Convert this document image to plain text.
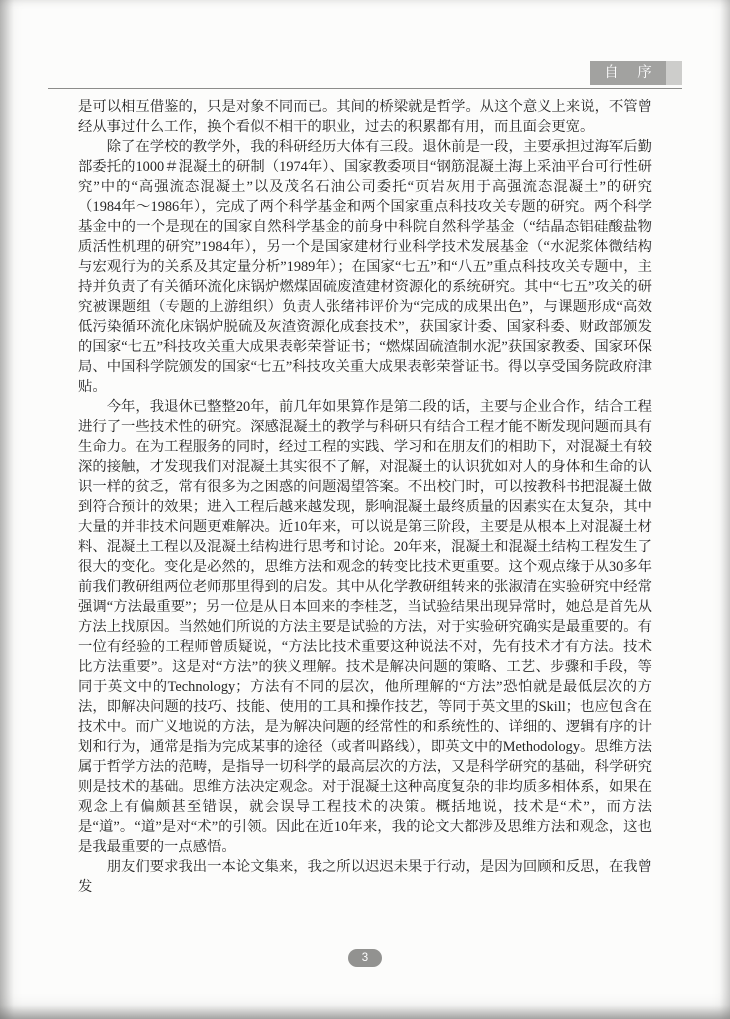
自　序

是可以相互借鉴的，只是对象不同而已。其间的桥梁就是哲学。从这个意义上来说，不管曾经从事过什么工作，换个看似不相干的职业，过去的积累都有用，而且面会更宽。

除了在学校的教学外，我的科研经历大体有三段。退休前是一段，主要承担过海军后勤部委托的1000＃混凝土的研制（1974年）、国家教委项目“钢筋混凝土海上采油平台可行性研究”中的“高强流态混凝土”以及茂名石油公司委托“页岩灰用于高强流态混凝土”的研究（1984年～1986年），完成了两个科学基金和两个国家重点科技攻关专题的研究。两个科学基金中的一个是现在的国家自然科学基金的前身中科院自然科学基金（“结晶态铝硅酸盐物质活性机理的研究”1984年），另一个是国家建材行业科学技术发展基金（“水泥浆体微结构与宏观行为的关系及其定量分析”1989年）；在国家“七五”和“八五”重点科技攻关专题中，主持并负责了有关循环流化床锅炉燃煤固硫废渣建材资源化的系统研究。其中“七五”攻关的研究被课题组（专题的上游组织）负责人张绪祎评价为“完成的成果出色”，与课题形成“高效低污染循环流化床锅炉脱硫及灰渣资源化成套技术”，获国家计委、国家科委、财政部颁发的国家“七五”科技攻关重大成果表彰荣誉证书；“燃煤固硫渣制水泥”获国家教委、国家环保局、中国科学院颁发的国家“七五”科技攻关重大成果表彰荣誉证书。得以享受国务院政府津贴。

今年，我退休已整整20年，前几年如果算作是第二段的话，主要与企业合作，结合工程进行了一些技术性的研究。深感混凝土的教学与科研只有结合工程才能不断发现问题而具有生命力。在为工程服务的同时，经过工程的实践、学习和在朋友们的相助下，对混凝土有较深的接触，才发现我们对混凝土其实很不了解，对混凝土的认识犹如对人的身体和生命的认识一样的贫乏，常有很多为之困惑的问题渴望答案。不出校门时，可以按教科书把混凝土做到符合预计的效果；进入工程后越来越发现，影响混凝土最终质量的因素实在太复杂，其中大量的并非技术问题更难解决。近10年来，可以说是第三阶段，主要是从根本上对混凝土材料、混凝土工程以及混凝土结构进行思考和讨论。20年来，混凝土和混凝土结构工程发生了很大的变化。变化是必然的，思维方法和观念的转变比技术更重要。这个观点缘于从30多年前我们教研组两位老师那里得到的启发。其中从化学教研组转来的张淑清在实验研究中经常强调“方法最重要”；另一位是从日本回来的李桂芝，当试验结果出现异常时，她总是首先从方法上找原因。当然她们所说的方法主要是试验的方法，对于实验研究确实是最重要的。有一位有经验的工程师曾质疑说，“方法比技术重要这种说法不对，先有技术才有方法。技术比方法重要”。这是对“方法”的狭义理解。技术是解决问题的策略、工艺、步骤和手段，等同于英文中的Technology；方法有不同的层次，他所理解的“方法”恐怕就是最低层次的方法，即解决问题的技巧、技能、使用的工具和操作技艺，等同于英文里的Skill；也应包含在技术中。而广义地说的方法，是为解决问题的经常性的和系统性的、详细的、逻辑有序的计划和行为，通常是指为完成某事的途径（或者叫路线），即英文中的Methodology。思维方法属于哲学方法的范畴，是指导一切科学的最高层次的方法，又是科学研究的基础，科学研究则是技术的基础。思维方法决定观念。对于混凝土这种高度复杂的非均质多相体系，如果在观念上有偏颇甚至错误，就会误导工程技术的决策。概括地说，技术是“术”，而方法是“道”。“道”是对“术”的引领。因此在近10年来，我的论文大都涉及思维方法和观念，这也是我最重要的一点感悟。

朋友们要求我出一本论文集来，我之所以迟迟未果于行动，是因为回顾和反思，在我曾发

3
